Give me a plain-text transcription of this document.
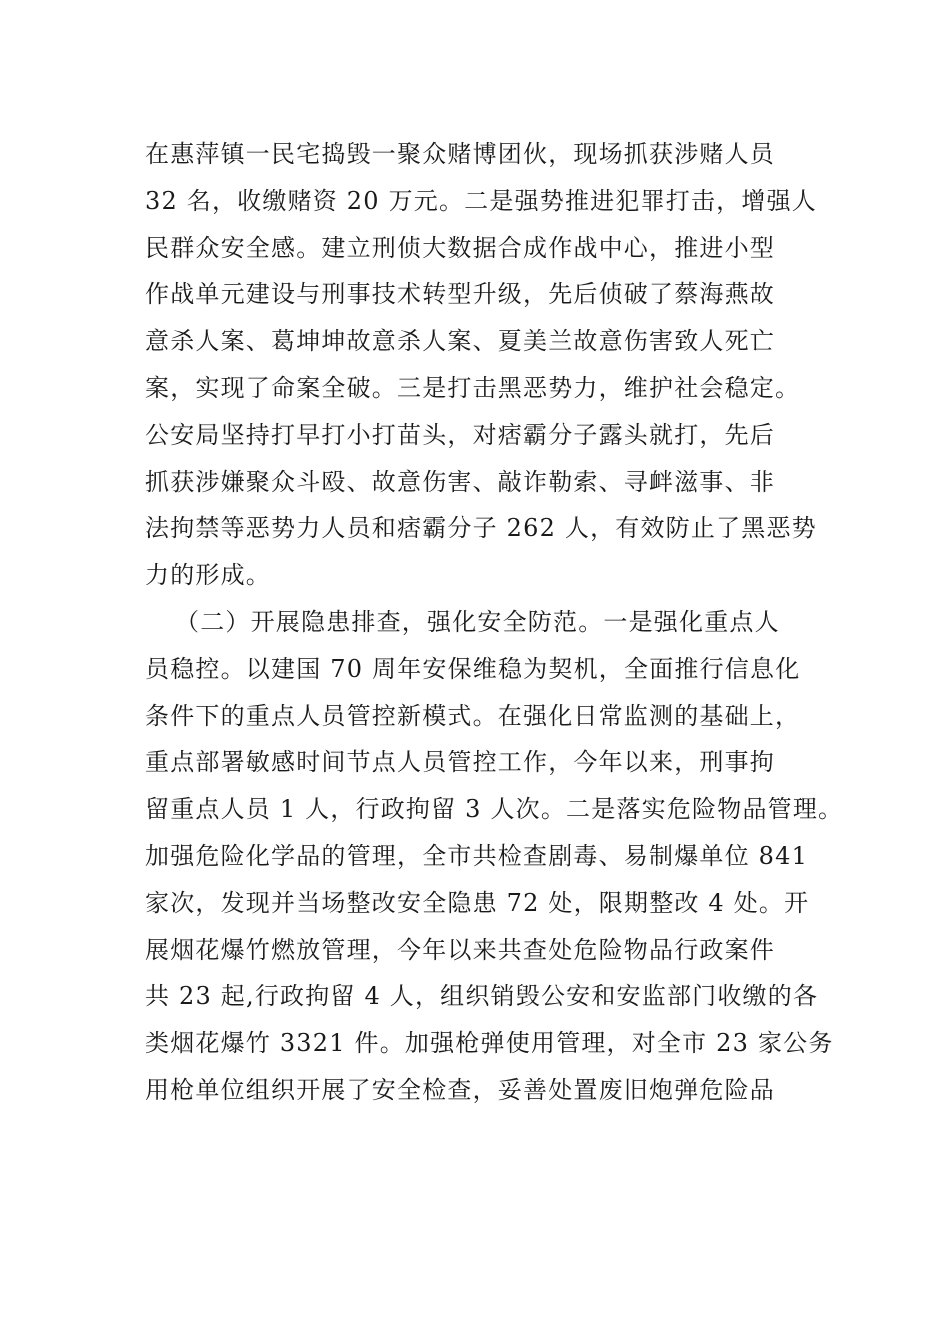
在惠萍镇一民宅捣毁一聚众赌博团伙，现场抓获涉赌人员
32 名，收缴赌资 20 万元。二是强势推进犯罪打击，增强人
民群众安全感。建立刑侦大数据合成作战中心，推进小型
作战单元建设与刑事技术转型升级，先后侦破了蔡海燕故
意杀人案、葛坤坤故意杀人案、夏美兰故意伤害致人死亡
案，实现了命案全破。三是打击黑恶势力，维护社会稳定。
公安局坚持打早打小打苗头，对痞霸分子露头就打，先后
抓获涉嫌聚众斗殴、故意伤害、敲诈勒索、寻衅滋事、非
法拘禁等恶势力人员和痞霸分子 262 人，有效防止了黑恶势
力的形成。
（二）开展隐患排查，强化安全防范。一是强化重点人
员稳控。以建国 70 周年安保维稳为契机，全面推行信息化
条件下的重点人员管控新模式。在强化日常监测的基础上，
重点部署敏感时间节点人员管控工作，今年以来，刑事拘
留重点人员 1 人，行政拘留 3 人次。二是落实危险物品管理。
加强危险化学品的管理，全市共检查剧毒、易制爆单位 841
家次，发现并当场整改安全隐患 72 处，限期整改 4 处。开
展烟花爆竹燃放管理，今年以来共查处危险物品行政案件
共 23 起,行政拘留 4 人，组织销毁公安和安监部门收缴的各
类烟花爆竹 3321 件。加强枪弹使用管理，对全市 23 家公务
用枪单位组织开展了安全检查，妥善处置废旧炮弹危险品
